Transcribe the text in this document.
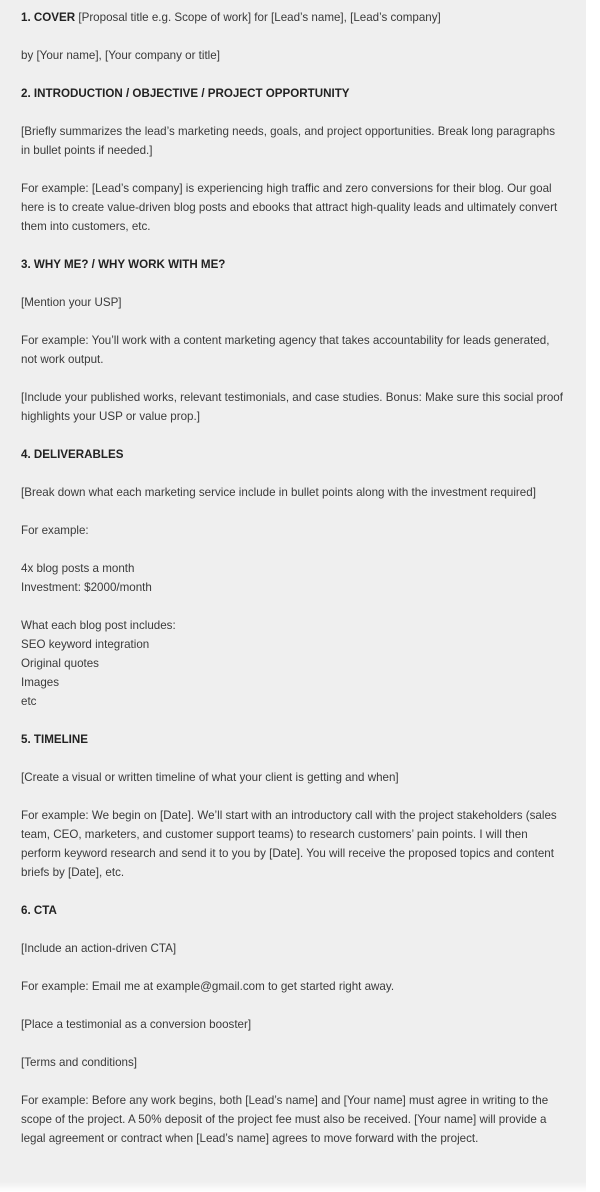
1. COVER [Proposal title e.g. Scope of work] for [Lead’s name], [Lead’s company]
by [Your name], [Your company or title]
2. INTRODUCTION / OBJECTIVE / PROJECT OPPORTUNITY
[Briefly summarizes the lead’s marketing needs, goals, and project opportunities. Break long paragraphs in bullet points if needed.]
For example: [Lead’s company] is experiencing high traffic and zero conversions for their blog. Our goal here is to create value-driven blog posts and ebooks that attract high-quality leads and ultimately convert them into customers, etc.
3. WHY ME? / WHY WORK WITH ME?
[Mention your USP]
For example: You’ll work with a content marketing agency that takes accountability for leads generated, not work output.
[Include your published works, relevant testimonials, and case studies. Bonus: Make sure this social proof highlights your USP or value prop.]
4. DELIVERABLES
[Break down what each marketing service include in bullet points along with the investment required]
For example:
4x blog posts a month
Investment: $2000/month
What each blog post includes:
SEO keyword integration
Original quotes
Images
etc
5. TIMELINE
[Create a visual or written timeline of what your client is getting and when]
For example: We begin on [Date]. We’ll start with an introductory call with the project stakeholders (sales team, CEO, marketers, and customer support teams) to research customers’ pain points. I will then perform keyword research and send it to you by [Date]. You will receive the proposed topics and content briefs by [Date], etc.
6. CTA
[Include an action-driven CTA]
For example: Email me at example@gmail.com to get started right away.
[Place a testimonial as a conversion booster]
[Terms and conditions]
For example: Before any work begins, both [Lead’s name] and [Your name] must agree in writing to the scope of the project. A 50% deposit of the project fee must also be received. [Your name] will provide a legal agreement or contract when [Lead’s name] agrees to move forward with the project.
